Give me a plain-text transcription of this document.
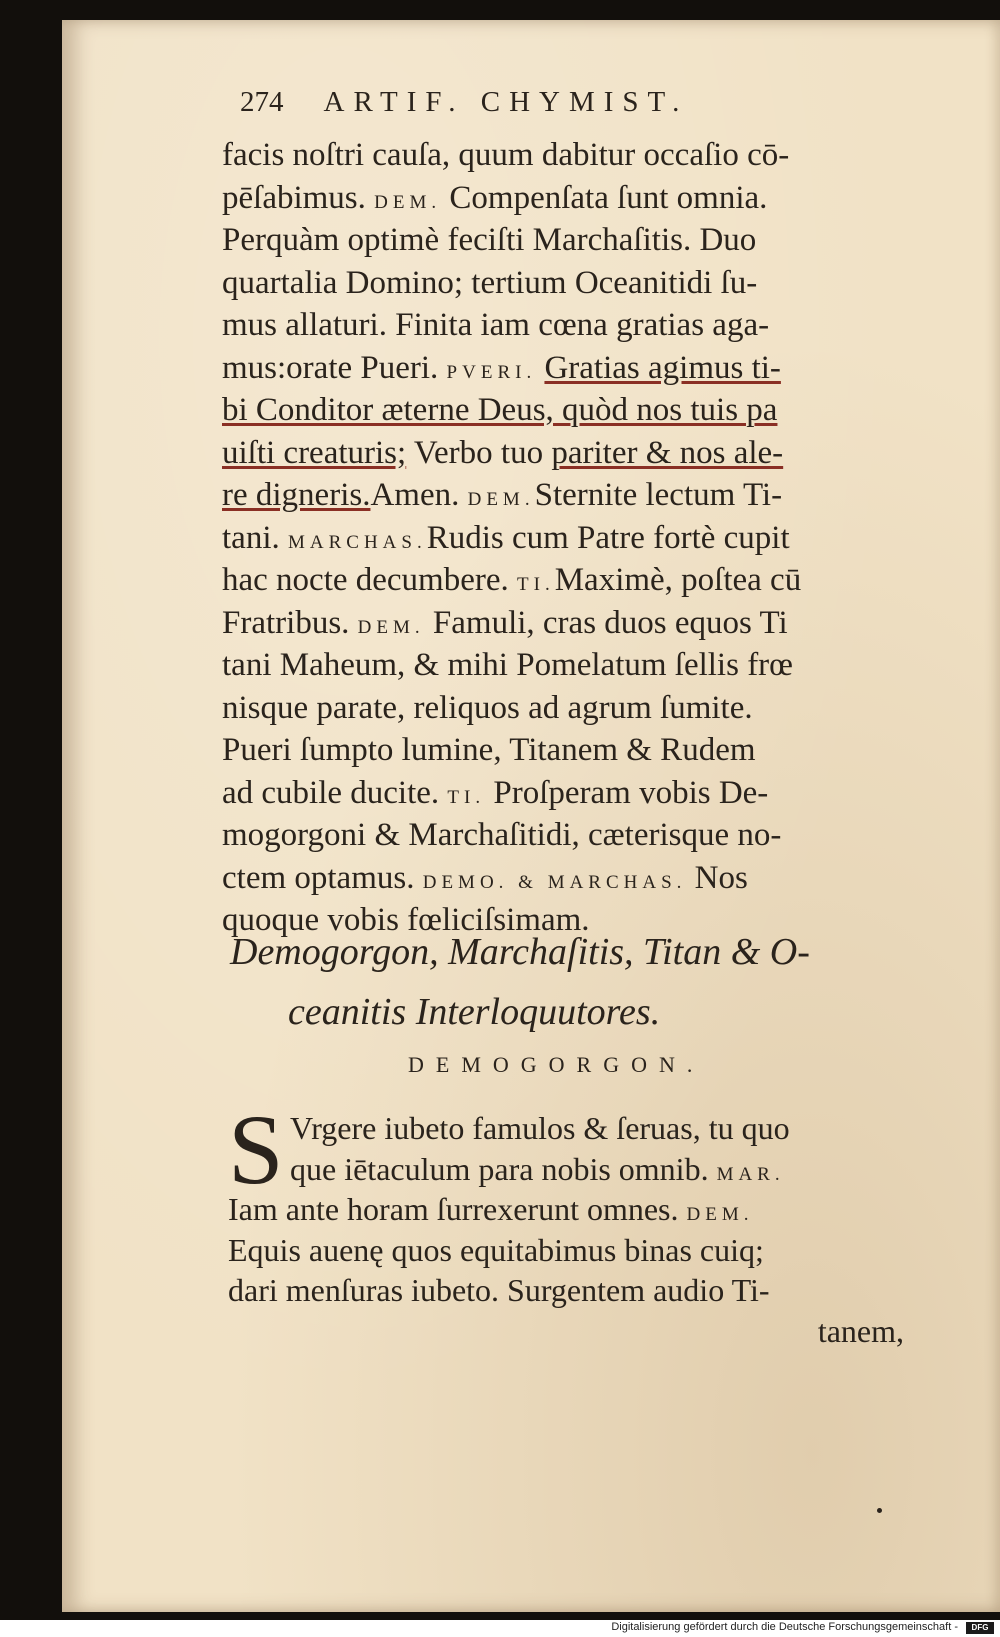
274 ARTIF. CHYMIST.
facis noſtri cauſa, quum dabitur occaſio cō-
pēſabimus. DEM. Compenſata ſunt omnia.
Perquàm optimè feciſti Marchaſitis. Duo
quartalia Domino; tertium Oceanitidi ſu-
mus allaturi. Finita iam cœna gratias aga-
mus:orate Pueri. PVERI. Gratias agimus ti-
bi Conditor æterne Deus, quòd nos tuis pa
uiſti creaturis; Verbo tuo pariter & nos ale-
re digneris.Amen. DEM.Sternite lectum Ti-
tani. MARCHAS.Rudis cum Patre fortè cupit
hac nocte decumbere. TI.Maximè, poſtea cū
Fratribus. DEM. Famuli, cras duos equos Ti
tani Maheum, & mihi Pomelatum ſellis frœ
nisque parate, reliquos ad agrum ſumite.
Pueri ſumpto lumine, Titanem & Rudem
ad cubile ducite. TI. Proſperam vobis De-
mogorgoni & Marchaſitidi, cæterisque no-
ctem optamus. DEMO. & MARCHAS. Nos
quoque vobis fœliciſsimam.
Demogorgon, Marchaſitis, Titan & O-
ceanitis Interloquutores.
DEMOGORGON.
S Vrgere iubeto famulos & ſeruas, tu quo
que iētaculum para nobis omnib. MAR.
Iam ante horam ſurrexerunt omnes. DEM.
Equis auenę quos equitabimus binas cuiq;
dari menſuras iubeto. Surgentem audio Ti-
tanem,
Digitalisierung gefördert durch die Deutsche Forschungsgemeinschaft -	DFG
